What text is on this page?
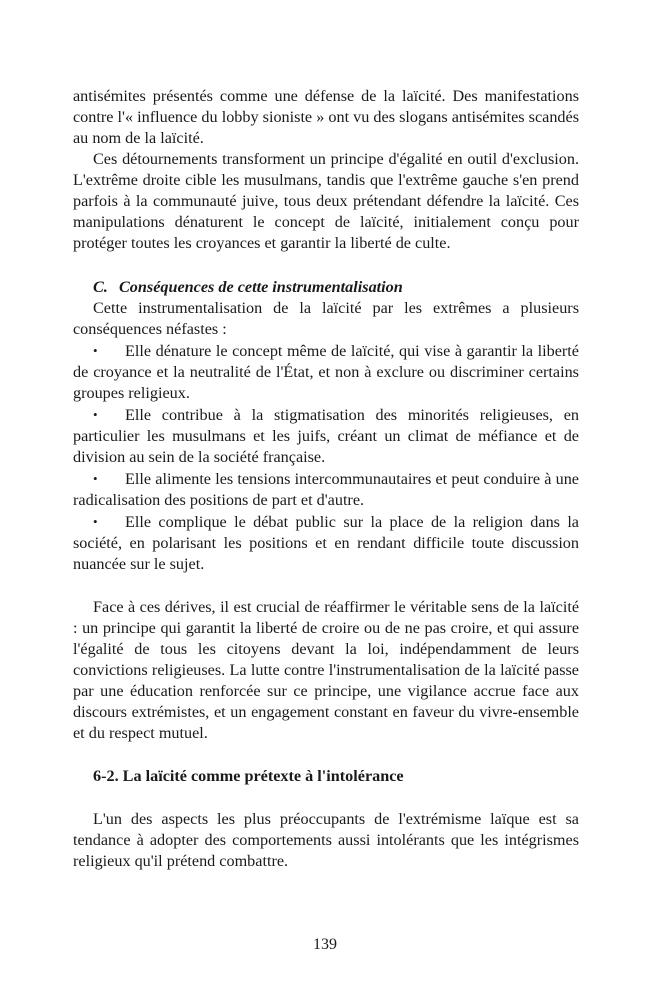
antisémites présentés comme une défense de la laïcité. Des manifestations contre l'« influence du lobby sioniste » ont vu des slogans antisémites scandés au nom de la laïcité.

Ces détournements transforment un principe d'égalité en outil d'exclusion. L'extrême droite cible les musulmans, tandis que l'extrême gauche s'en prend parfois à la communauté juive, tous deux prétendant défendre la laïcité. Ces manipulations dénaturent le concept de laïcité, initialement conçu pour protéger toutes les croyances et garantir la liberté de culte.

C. Conséquences de cette instrumentalisation

Cette instrumentalisation de la laïcité par les extrêmes a plusieurs conséquences néfastes :

• Elle dénature le concept même de laïcité, qui vise à garantir la liberté de croyance et la neutralité de l'État, et non à exclure ou discriminer certains groupes religieux.

• Elle contribue à la stigmatisation des minorités religieuses, en particulier les musulmans et les juifs, créant un climat de méfiance et de division au sein de la société française.

• Elle alimente les tensions intercommunautaires et peut conduire à une radicalisation des positions de part et d'autre.

• Elle complique le débat public sur la place de la religion dans la société, en polarisant les positions et en rendant difficile toute discussion nuancée sur le sujet.

Face à ces dérives, il est crucial de réaffirmer le véritable sens de la laïcité : un principe qui garantit la liberté de croire ou de ne pas croire, et qui assure l'égalité de tous les citoyens devant la loi, indépendamment de leurs convictions religieuses. La lutte contre l'instrumentalisation de la laïcité passe par une éducation renforcée sur ce principe, une vigilance accrue face aux discours extrémistes, et un engagement constant en faveur du vivre-ensemble et du respect mutuel.

6-2. La laïcité comme prétexte à l'intolérance

L'un des aspects les plus préoccupants de l'extrémisme laïque est sa tendance à adopter des comportements aussi intolérants que les intégrismes religieux qu'il prétend combattre.

139
